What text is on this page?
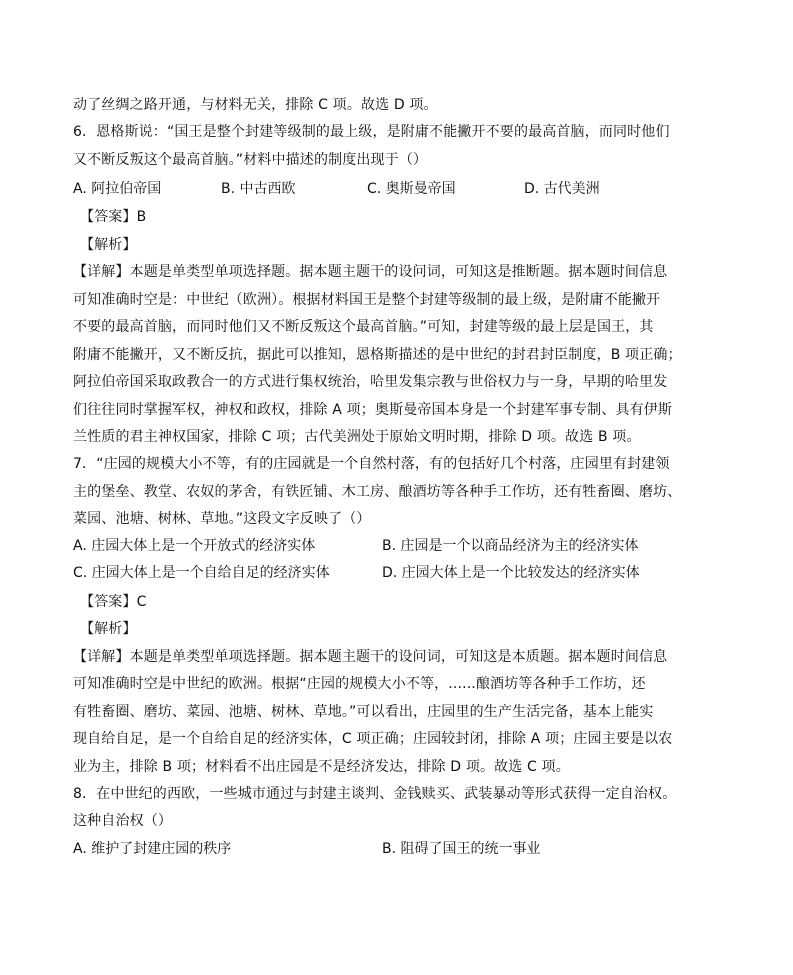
动了丝绸之路开通，与材料无关，排除 C 项。故选 D 项。
6．恩格斯说：“国王是整个封建等级制的最上级，是附庸不能撇开不要的最高首脑，而同时他们
又不断反叛这个最高首脑。”材料中描述的制度出现于（）
A. 阿拉伯帝国	B. 中古西欧	C. 奥斯曼帝国	D. 古代美洲
【答案】B
【解析】
【详解】本题是单类型单项选择题。据本题主题干的设问词，可知这是推断题。据本题时间信息
可知准确时空是：中世纪（欧洲）。根据材料国王是整个封建等级制的最上级，是附庸不能撇开
不要的最高首脑，而同时他们又不断反叛这个最高首脑。”可知，封建等级的最上层是国王，其
附庸不能撇开，又不断反抗，据此可以推知，恩格斯描述的是中世纪的封君封臣制度，B 项正确；
阿拉伯帝国采取政教合一的方式进行集权统治，哈里发集宗教与世俗权力与一身，早期的哈里发
们往往同时掌握军权，神权和政权，排除 A 项；奥斯曼帝国本身是一个封建军事专制、具有伊斯
兰性质的君主神权国家，排除 C 项；古代美洲处于原始文明时期，排除 D 项。故选 B 项。
7．“庄园的规模大小不等，有的庄园就是一个自然村落，有的包括好几个村落，庄园里有封建领
主的堡垒、教堂、农奴的茅舍，有铁匠铺、木工房、酿酒坊等各种手工作坊，还有牲畜圈、磨坊、
菜园、池塘、树林、草地。”这段文字反映了（）
A. 庄园大体上是一个开放式的经济实体	B. 庄园是一个以商品经济为主的经济实体
C. 庄园大体上是一个自给自足的经济实体	D. 庄园大体上是一个比较发达的经济实体
【答案】C
【解析】
【详解】本题是单类型单项选择题。据本题主题干的设问词，可知这是本质题。据本题时间信息
可知准确时空是中世纪的欧洲。根据“庄园的规模大小不等，......酿酒坊等各种手工作坊，还
有牲畜圈、磨坊、菜园、池塘、树林、草地。”可以看出，庄园里的生产生活完备，基本上能实
现自给自足，是一个自给自足的经济实体，C 项正确；庄园较封闭，排除 A 项；庄园主要是以农
业为主，排除 B 项；材料看不出庄园是不是经济发达，排除 D 项。故选 C 项。
8．在中世纪的西欧，一些城市通过与封建主谈判、金钱赎买、武装暴动等形式获得一定自治权。
这种自治权（）
A. 维护了封建庄园的秩序	B. 阻碍了国王的统一事业
